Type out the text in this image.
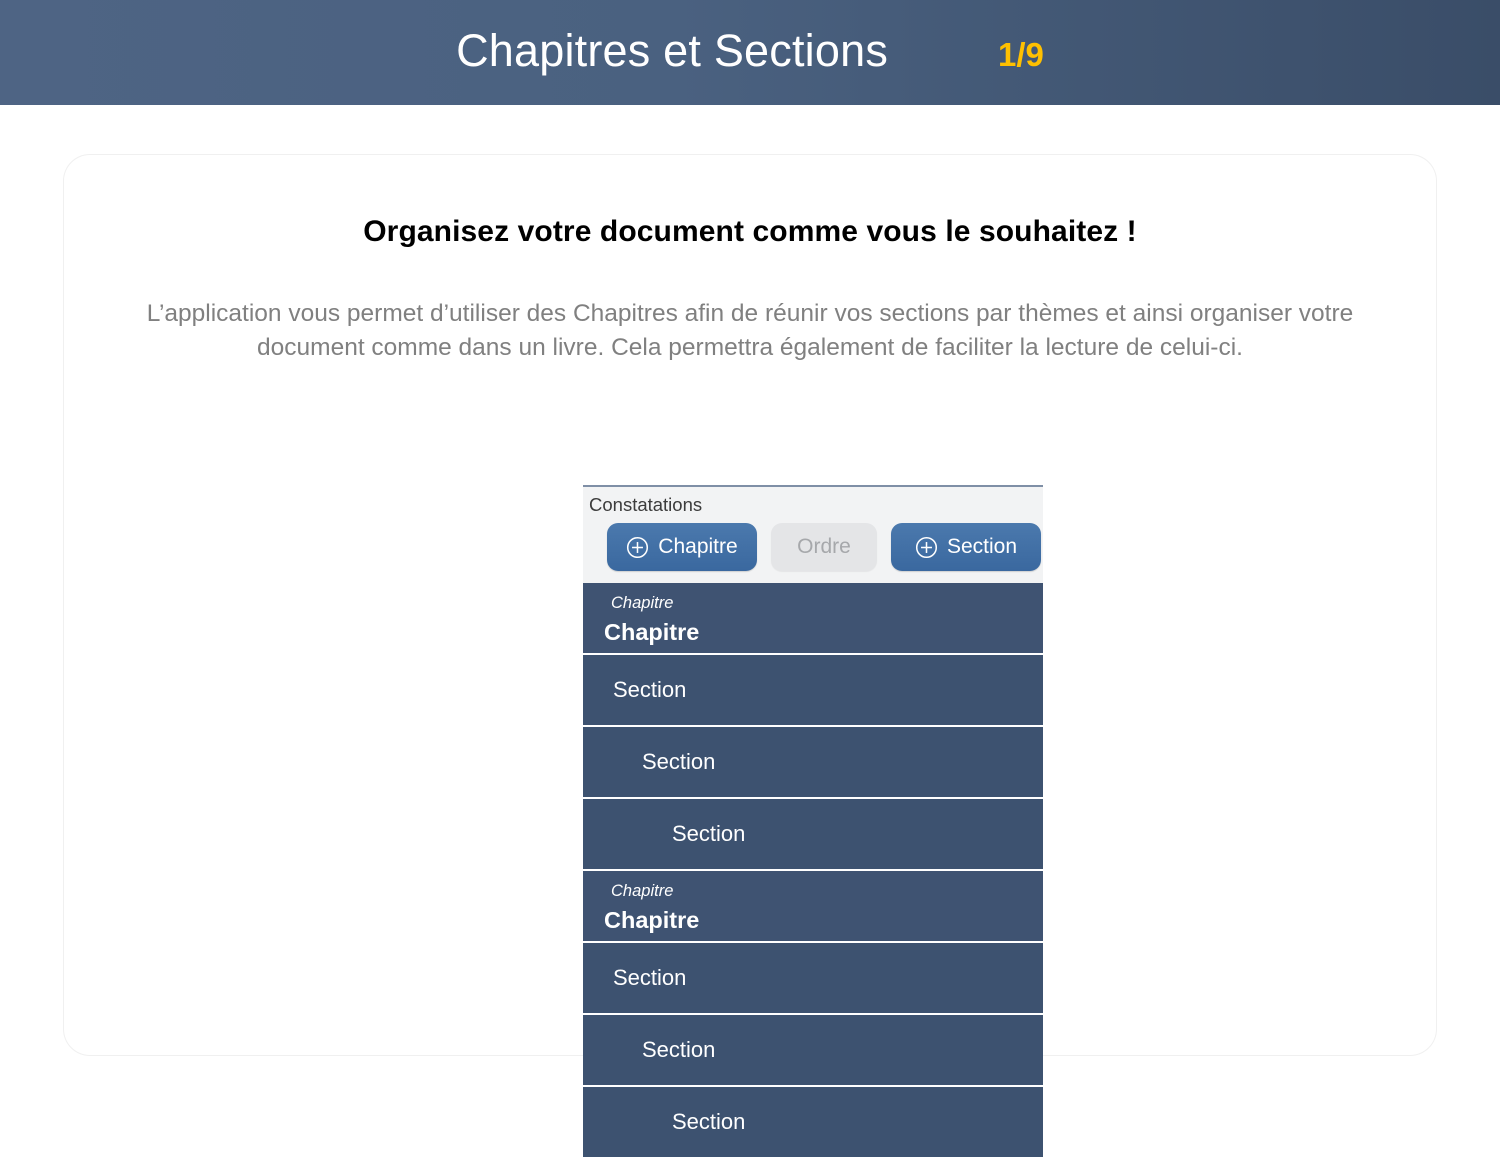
Chapitres et Sections	1/9
Organisez votre document comme vous le souhaitez !
L’application vous permet d’utiliser des Chapitres afin de réunir vos sections par thèmes et ainsi organiser votre document comme dans un livre. Cela permettra également de faciliter la lecture de celui-ci.
Constatations
Chapitre	Ordre	Section
Chapitre
Chapitre
Section
Section
Section
Chapitre
Chapitre
Section
Section
Section
